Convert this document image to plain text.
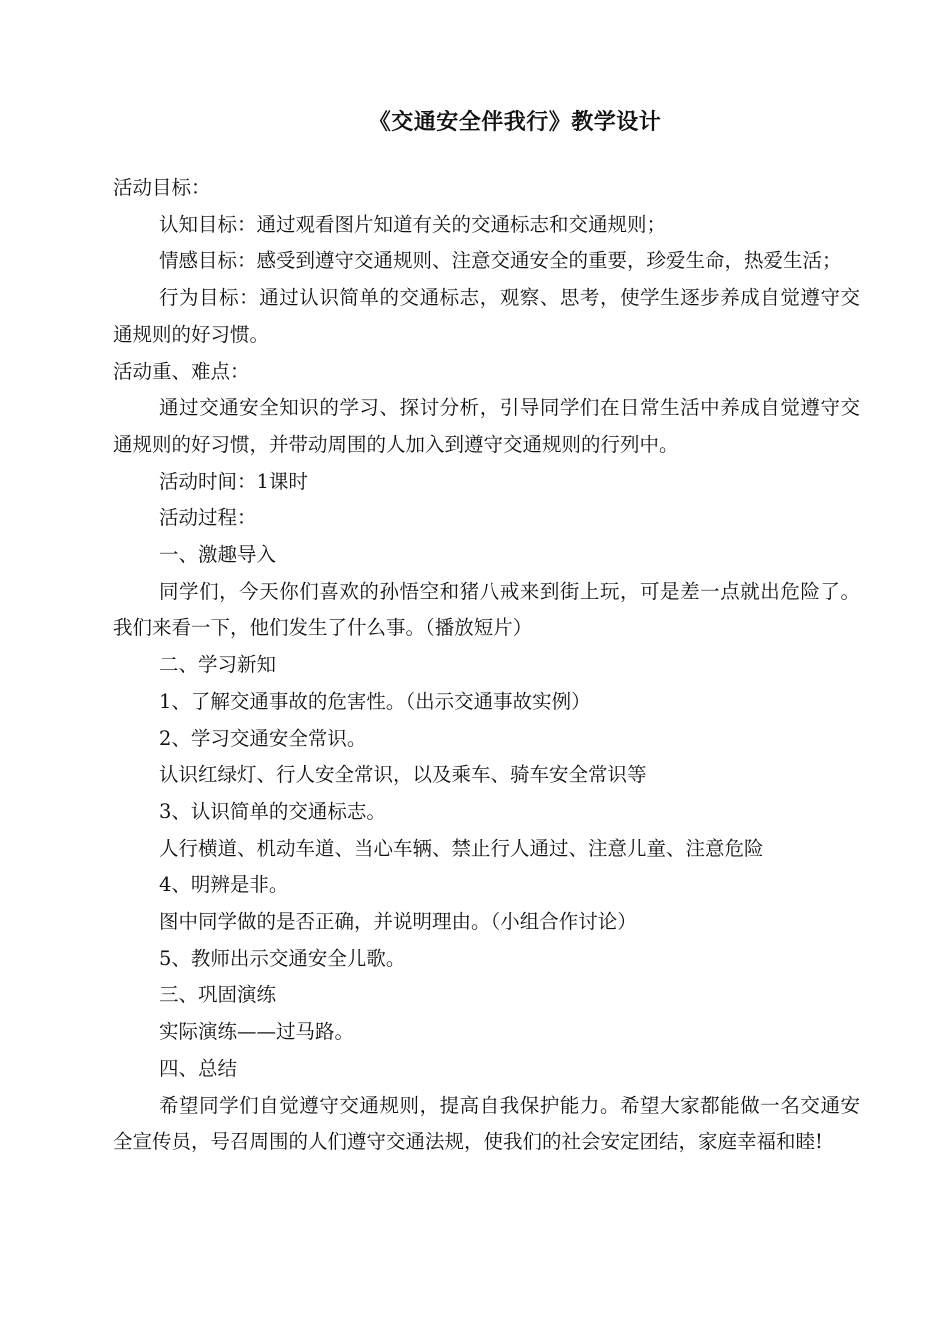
《交通安全伴我行》教学设计

活动目标：

认知目标：通过观看图片知道有关的交通标志和交通规则；

情感目标：感受到遵守交通规则、注意交通安全的重要，珍爱生命，热爱生活；

行为目标：通过认识简单的交通标志，观察、思考，使学生逐步养成自觉遵守交通规则的好习惯。

活动重、难点：

通过交通安全知识的学习、探讨分析，引导同学们在日常生活中养成自觉遵守交通规则的好习惯，并带动周围的人加入到遵守交通规则的行列中。

活动时间：1课时

活动过程：

一、激趣导入

同学们，今天你们喜欢的孙悟空和猪八戒来到街上玩，可是差一点就出危险了。我们来看一下，他们发生了什么事。（播放短片）

二、学习新知

1、了解交通事故的危害性。（出示交通事故实例）

2、学习交通安全常识。

认识红绿灯、行人安全常识，以及乘车、骑车安全常识等

3、认识简单的交通标志。

人行横道、机动车道、当心车辆、禁止行人通过、注意儿童、注意危险

4、明辨是非。

图中同学做的是否正确，并说明理由。（小组合作讨论）

5、教师出示交通安全儿歌。

三、巩固演练

实际演练——过马路。

四、总结

希望同学们自觉遵守交通规则，提高自我保护能力。希望大家都能做一名交通安全宣传员，号召周围的人们遵守交通法规，使我们的社会安定团结，家庭幸福和睦!
